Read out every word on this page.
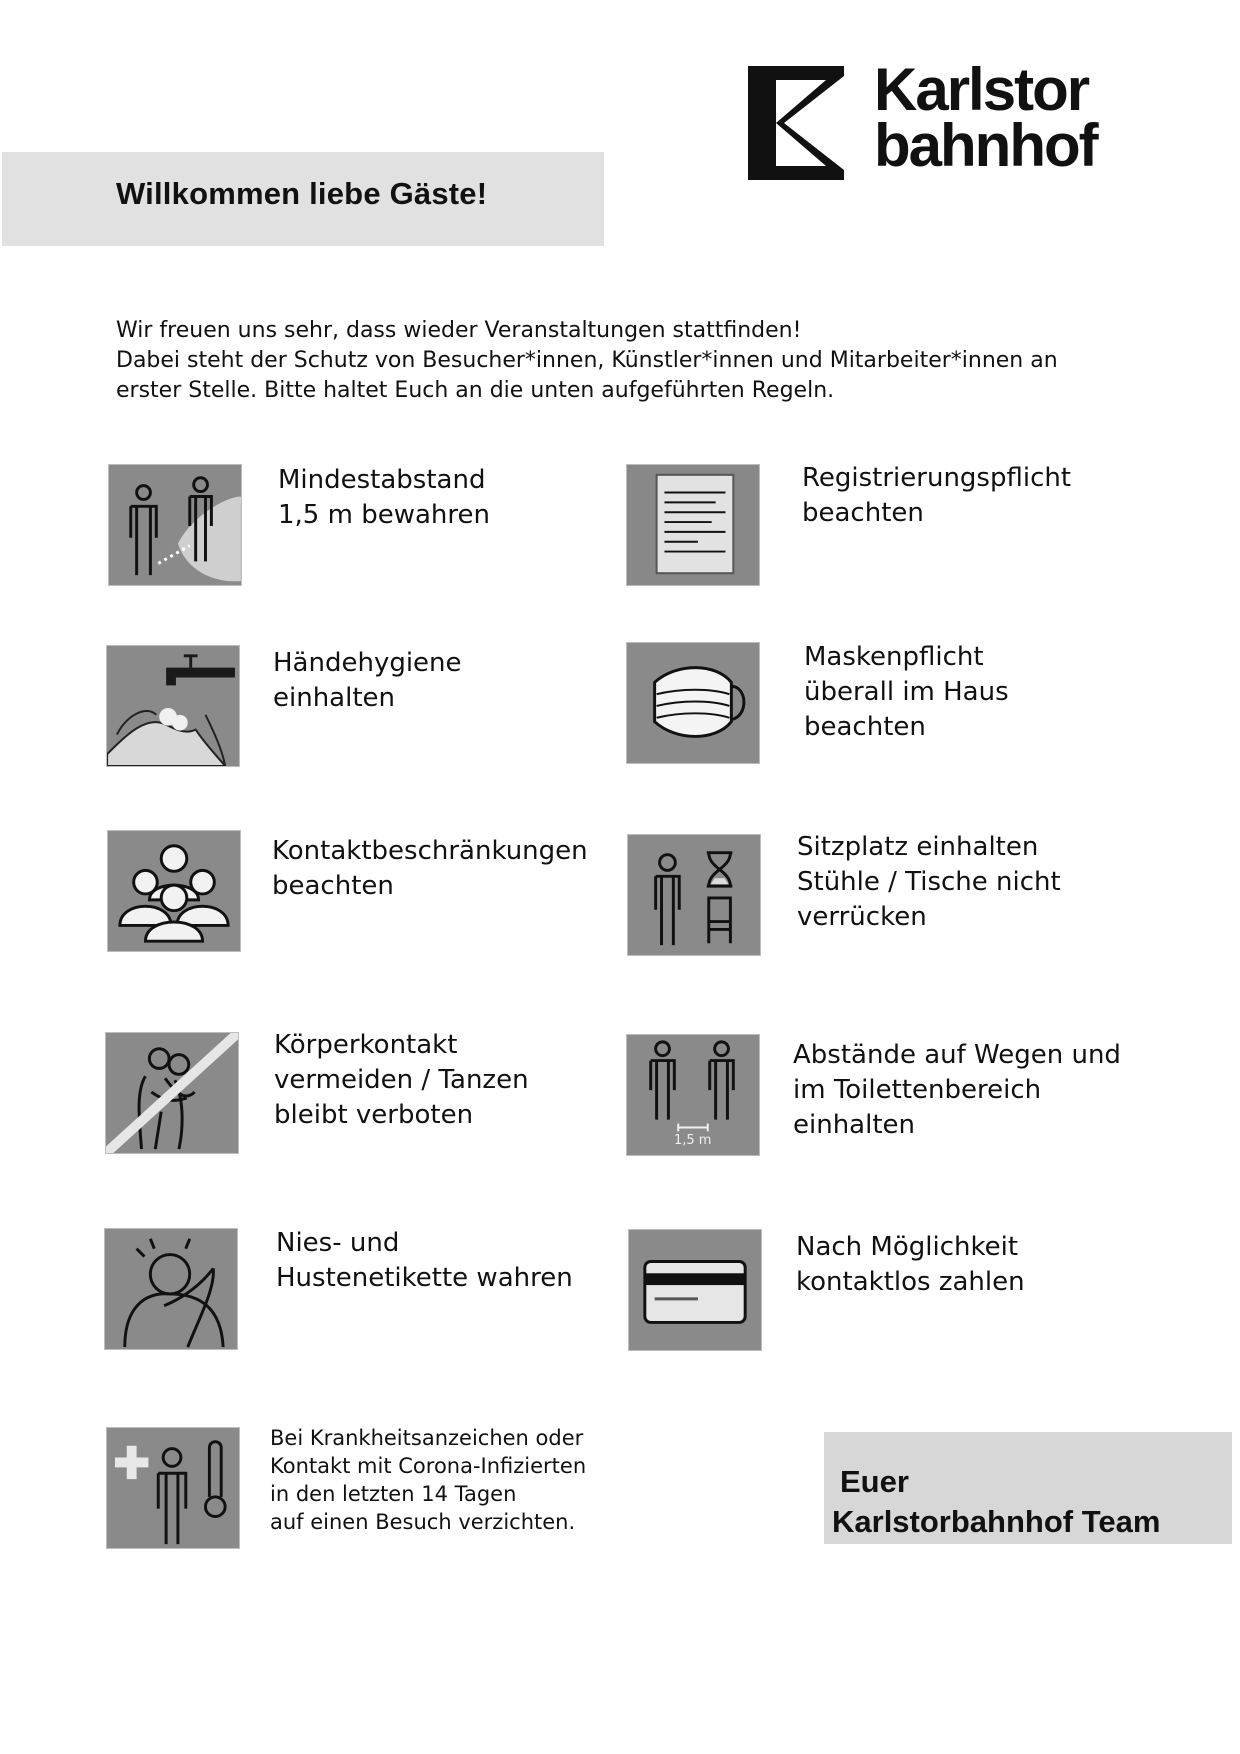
Willkommen liebe Gäste!
Karlstor
bahnhof
Wir freuen uns sehr, dass wieder Veranstaltungen stattfinden!
Dabei steht der Schutz von Besucher*innen, Künstler*innen und Mitarbeiter*innen an
erster Stelle. Bitte haltet Euch an die unten aufgeführten Regeln.
Mindestabstand
1,5 m bewahren
Registrierungspflicht
beachten
Händehygiene
einhalten
Maskenpflicht
überall im Haus
beachten
Kontaktbeschränkungen
beachten
Sitzplatz einhalten
Stühle / Tische nicht
verrücken
Körperkontakt
vermeiden / Tanzen
bleibt verboten
1,5 m
Abstände auf Wegen und
im Toilettenbereich
einhalten
Nies- und
Hustenetikette wahren
Nach Möglichkeit
kontaktlos zahlen
Bei Krankheitsanzeichen oder
Kontakt mit Corona-Infizierten
in den letzten 14 Tagen
auf einen Besuch verzichten.
Euer
Karlstorbahnhof Team
